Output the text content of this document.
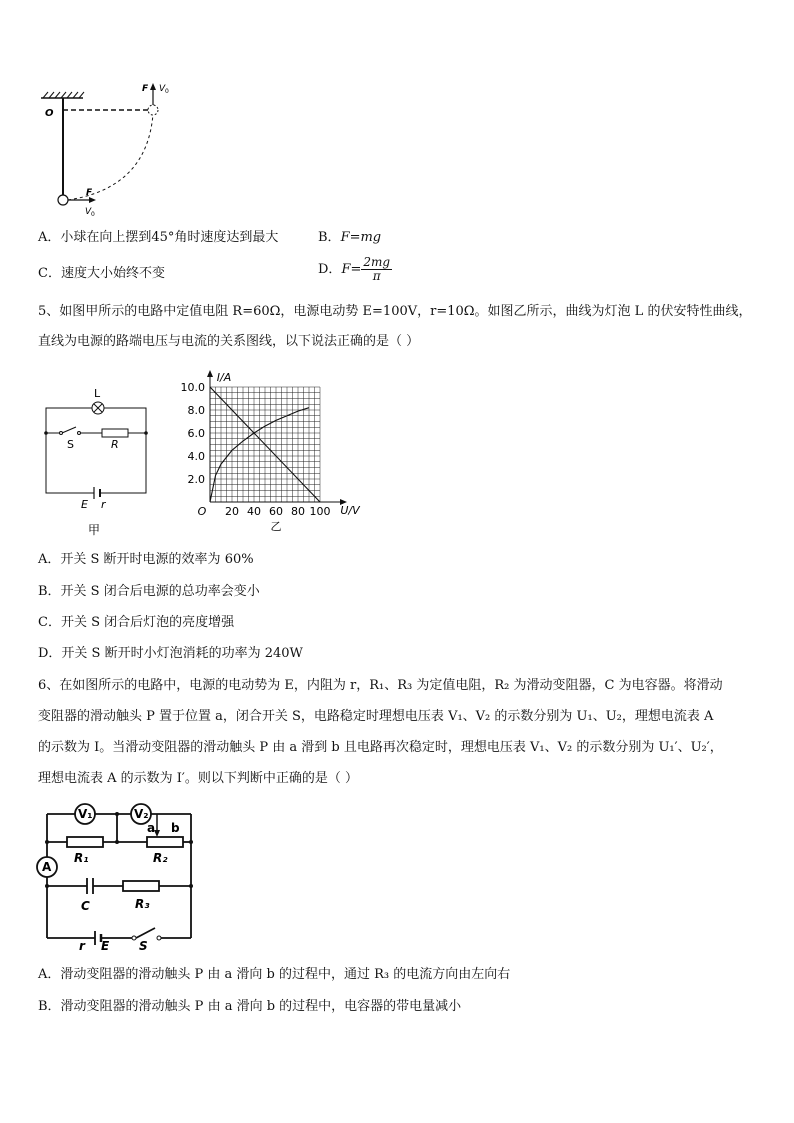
O
F V 0
F
V 0
A．小球在向上摆到45°角时速度达到最大	B．F=mg
C．速度大小始终不变	D．$F= \frac{2mg}{\pi}$
5、如图甲所示的电路中定值电阻 R=60Ω，电源电动势 E=100V，r=10Ω。如图乙所示，曲线为灯泡 L 的伏安特性曲线，
直线为电源的路端电压与电流的关系图线，以下说法正确的是（ ）
L
S	R
E r
甲
20 40 60 80 100
2.0
4.0
6.0
8.0
10.0
O	U/V
I/A
乙
A．开关 S 断开时电源的效率为 60%
B．开关 S 闭合后电源的总功率会变小
C．开关 S 闭合后灯泡的亮度增强
D．开关 S 断开时小灯泡消耗的功率为 240W
6、在如图所示的电路中，电源的电动势为 E，内阻为 r，R₁、R₃ 为定值电阻，R₂ 为滑动变阻器，C 为电容器。将滑动
变阻器的滑动触头 P 置于位置 a，闭合开关 S，电路稳定时理想电压表 V₁、V₂ 的示数分别为 U₁、U₂，理想电流表 A
的示数为 I。当滑动变阻器的滑动触头 P 由 a 滑到 b 且电路再次稳定时，理想电压表 V₁、V₂ 的示数分别为 U₁′、U₂′，
理想电流表 A 的示数为 I′。则以下判断中正确的是（ ）
V₁	V₂
a b
R₁	R₂
A
C	R₃
r E S
A．滑动变阻器的滑动触头 P 由 a 滑向 b 的过程中，通过 R₃ 的电流方向由左向右
B．滑动变阻器的滑动触头 P 由 a 滑向 b 的过程中，电容器的带电量减小
